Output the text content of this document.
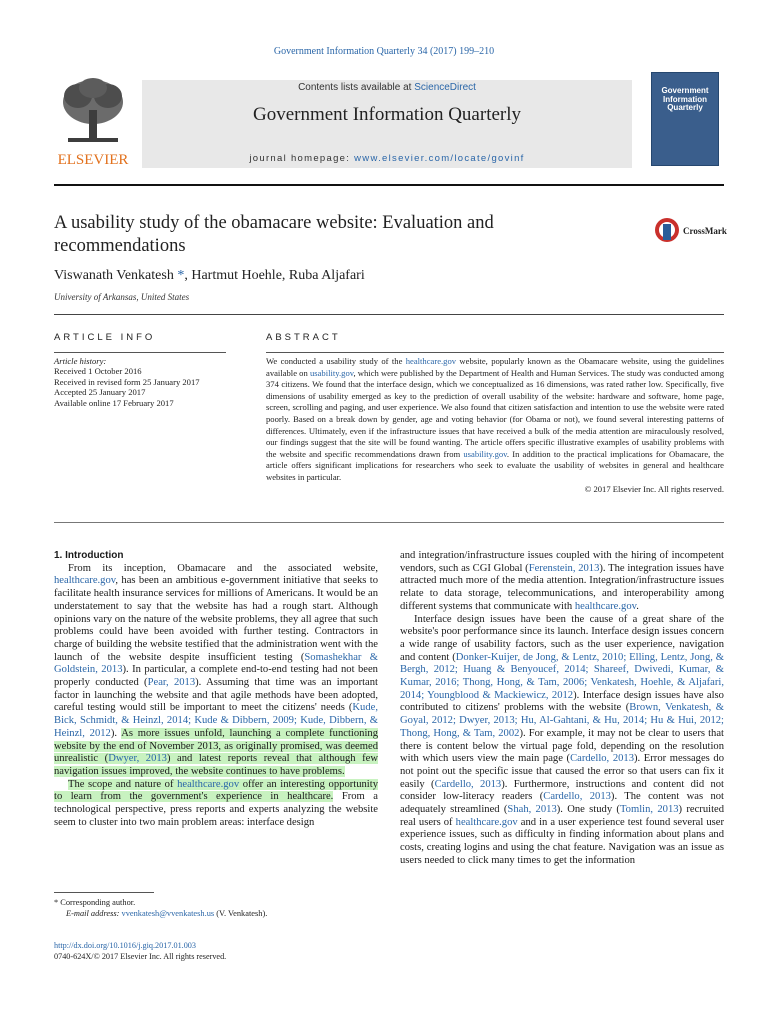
Government Information Quarterly 34 (2017) 199–210
ELSEVIER
Contents lists available at ScienceDirect
Government Information Quarterly
journal homepage: www.elsevier.com/locate/govinf
Government Information Quarterly
A usability study of the obamacare website: Evaluation and recommendations
CrossMark
Viswanath Venkatesh *, Hartmut Hoehle, Ruba Aljafari
University of Arkansas, United States
ARTICLE INFO	ABSTRACT
Article history:
Received 1 October 2016
Received in revised form 25 January 2017
Accepted 25 January 2017
Available online 17 February 2017
We conducted a usability study of the healthcare.gov website, popularly known as the Obamacare website, using the guidelines available on usability.gov, which were published by the Department of Health and Human Services. The study was conducted among 374 citizens. We found that the interface design, which we conceptualized as 16 dimensions, was rated rather low. Specifically, five dimensions of usability emerged as key to the prediction of overall usability of the website: hardware and software, home page, screen, scrolling and paging, and user experience. We also found that citizen satisfaction and intention to use the website were rated poorly. Based on a break down by gender, age and voting behavior (for Obama or not), we found several interesting patterns of differences. Ultimately, even if the infrastructure issues that have received a bulk of the media attention are miraculously resolved, our findings suggest that the site will be found wanting. The article offers specific illustrative examples of usability problems with the website and specific recommendations drawn from usability.gov. In addition to the practical implications for Obamacare, the article offers significant implications for researchers who seek to evaluate the usability of websites in general and healthcare websites in particular.
© 2017 Elsevier Inc. All rights reserved.

1. Introduction

From its inception, Obamacare and the associated website, healthcare.gov, has been an ambitious e-government initiative that seeks to facilitate health insurance services for millions of Americans. It would be an understatement to say that the website has had a rough start. Although opinions vary on the nature of the website problems, they all agree that such problems could have been avoided with further testing. Contractors in charge of building the website testified that the administration went with the launch of the website despite insufficient testing (Somashekhar & Goldstein, 2013). In particular, a complete end-to-end testing had not been properly conducted (Pear, 2013). Assuming that time was an important factor in launching the website and that agile methods have been adopted, careful testing would still be important to meet the citizens' needs (Kude, Bick, Schmidt, & Heinzl, 2014; Kude & Dibbern, 2009; Kude, Dibbern, & Heinzl, 2012). As more issues unfold, launching a complete functioning website by the end of November 2013, as originally promised, was deemed unrealistic (Dwyer, 2013) and latest reports reveal that although few navigation issues improved, the website continues to have problems.

The scope and nature of healthcare.gov offer an interesting opportunity to learn from the government's experience in healthcare. From a technological perspective, press reports and experts analyzing the website seem to cluster into two main problem areas: interface design

and integration/infrastructure issues coupled with the hiring of incompetent vendors, such as CGI Global (Ferenstein, 2013). The integration issues have attracted much more of the media attention. Integration/infrastructure issues relate to data storage, telecommunications, and interoperability among different systems that communicate with healthcare.gov.

Interface design issues have been the cause of a great share of the website's poor performance since its launch. Interface design issues concern a wide range of usability factors, such as the user experience, navigation and content (Donker-Kuijer, de Jong, & Lentz, 2010; Elling, Lentz, Jong, & Bergh, 2012; Huang & Benyoucef, 2014; Shareef, Dwivedi, Kumar, & Kumar, 2016; Thong, Hong, & Tam, 2006; Venkatesh, Hoehle, & Aljafari, 2014; Youngblood & Mackiewicz, 2012). Interface design issues have also contributed to citizens' problems with the website (Brown, Venkatesh, & Goyal, 2012; Dwyer, 2013; Hu, Al-Gahtani, & Hu, 2014; Hu & Hui, 2012; Thong, Hong, & Tam, 2002). For example, it may not be clear to users that there is content below the virtual page fold, depending on the resolution with which users view the main page (Cardello, 2013). Error messages do not point out the specific issue that caused the error so that users can fix it easily (Cardello, 2013). Furthermore, instructions and content did not consider low-literacy readers (Cardello, 2013). The content was not adequately streamlined (Shah, 2013). One study (Tomlin, 2013) recruited real users of healthcare.gov and in a user experience test found several user experience issues, such as difficulty in finding information about plans and costs, creating logins and using the chat feature. Navigation was an issue as users needed to click many times to get the information

* Corresponding author.
E-mail address: vvenkatesh@vvenkatesh.us (V. Venkatesh).
http://dx.doi.org/10.1016/j.giq.2017.01.003
0740-624X/© 2017 Elsevier Inc. All rights reserved.
